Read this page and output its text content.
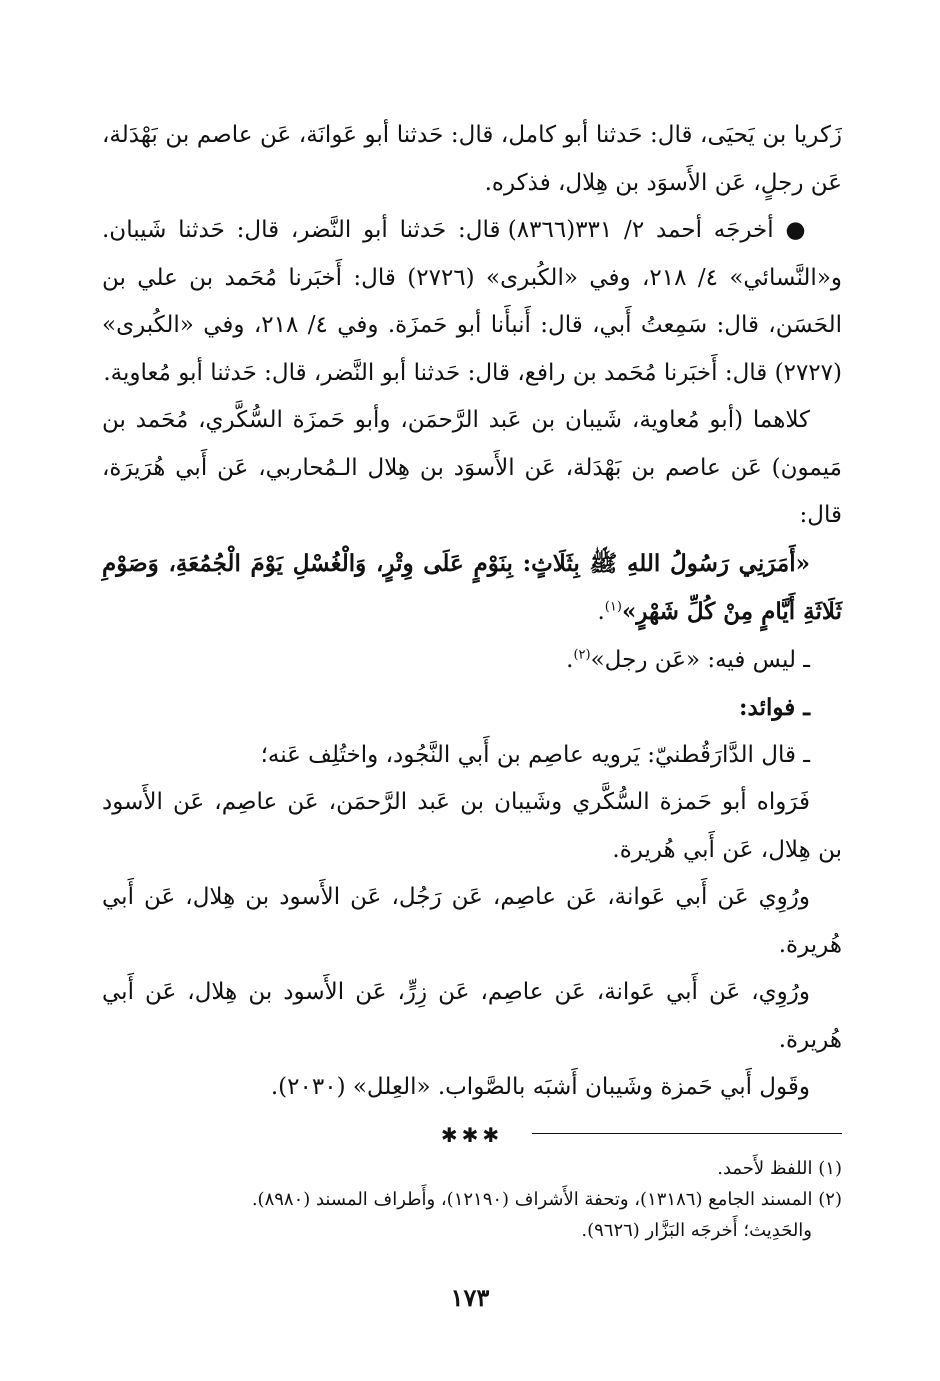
زَكريا بن يَحيَى، قال: حَدثنا أبو كامل، قال: حَدثنا أبو عَوانَة، عَن عاصم بن بَهْدَلة، عَن رجلٍ، عَن الأَسوَد بن هِلال، فذكره.

● أخرجَه أحمد ٢/ ٣٣١(٨٣٦٦) قال: حَدثنا أبو النَّضر، قال: حَدثنا شَيبان. و«النَّسائي» ٤/ ٢١٨، وفي «الكُبرى» (٢٧٢٦) قال: أَخبَرنا مُحَمد بن علي بن الحَسَن، قال: سَمِعتُ أَبي، قال: أَنبأَنا أبو حَمزَة. وفي ٤/ ٢١٨، وفي «الكُبرى» (٢٧٢٧) قال: أَخبَرنا مُحَمد بن رافع، قال: حَدثنا أبو النَّضر، قال: حَدثنا أبو مُعاوية.

كلاهما (أبو مُعاوية، شَيبان بن عَبد الرَّحمَن، وأبو حَمزَة السُّكَّري، مُحَمد بن مَيمون) عَن عاصم بن بَهْدَلة، عَن الأَسوَد بن هِلال الـمُحاربي، عَن أَبي هُرَيرَة، قال:

«أَمَرَنِي رَسُولُ اللهِ ﷺ بِثَلَاثٍ: بِنَوْمٍ عَلَى وِتْرٍ، وَالْغُسْلِ يَوْمَ الْجُمُعَةِ، وَصَوْمِ ثَلَاثَةِ أَيَّامٍ مِنْ كُلِّ شَهْرٍ»$^{(١)}$.

ـ ليس فيه: «عَن رجل»$^{(٢)}$.

ـ فوائد:

ـ قال الدَّارَقُطنيّ: يَرويه عاصِم بن أَبي النَّجُود، واختُلِف عَنه؛

فَرَواه أبو حَمزة السُّكَّري وشَيبان بن عَبد الرَّحمَن، عَن عاصِم، عَن الأَسود بن هِلال، عَن أَبي هُريرة.

ورُوِي عَن أَبي عَوانة، عَن عاصِم، عَن رَجُل، عَن الأَسود بن هِلال، عَن أَبي هُريرة.

ورُوِي، عَن أَبي عَوانة، عَن عاصِم، عَن زِرٍّ، عَن الأَسود بن هِلال، عَن أَبي هُريرة.

وقَول أَبي حَمزة وشَيبان أَشبَه بالصَّواب. «العِلل» (٢٠٣٠).

✱✱✱

(١) اللفظ لأَحمد.

(٢) المسند الجامع (١٣١٨٦)، وتحفة الأَشراف (١٢١٩٠)، وأَطراف المسند (٨٩٨٠).

والحَدِيث؛ أَخرجَه البَزَّار (٩٦٢٦).

١٧٣
